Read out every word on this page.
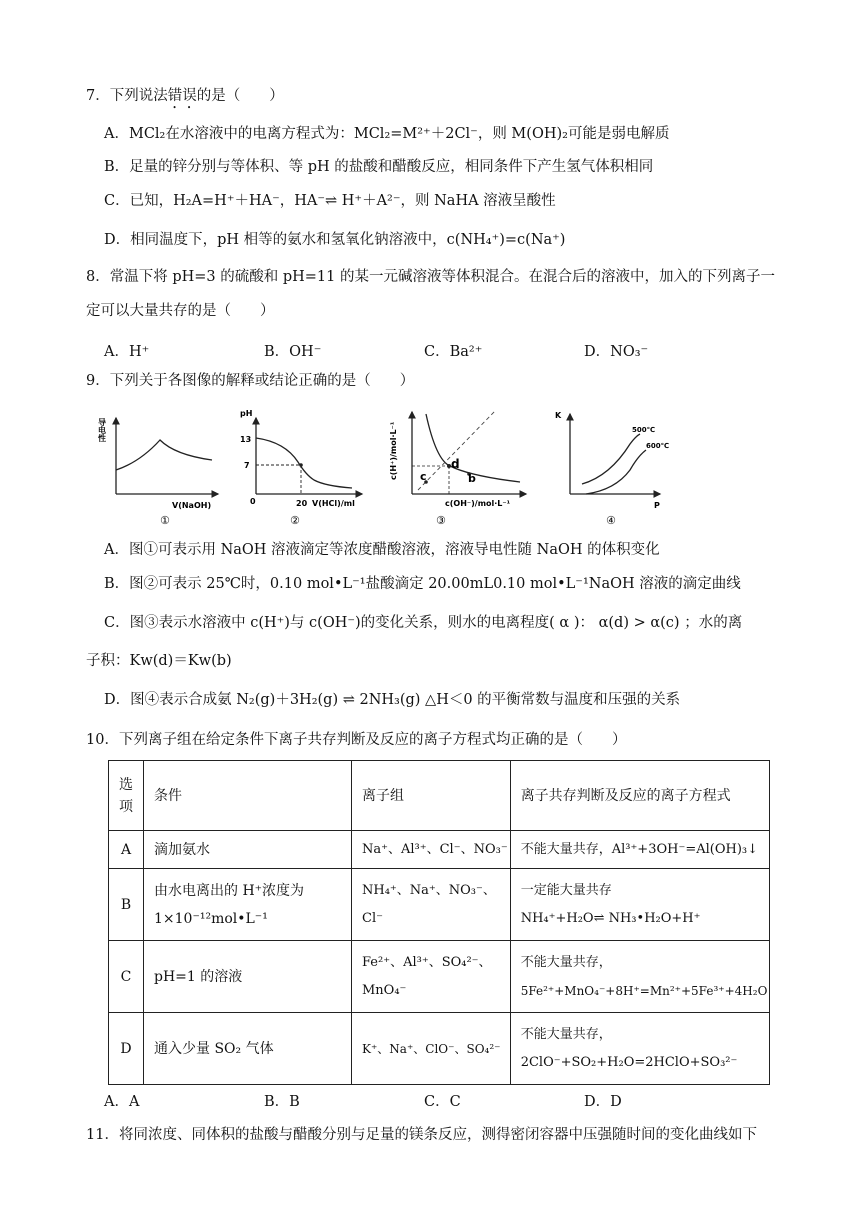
7．下列说法错误的是（　　）
A．MCl₂在水溶液中的电离方程式为：MCl₂=M²⁺＋2Cl⁻，则 M(OH)₂可能是弱电解质
B．足量的锌分别与等体积、等 pH 的盐酸和醋酸反应，相同条件下产生氢气体积相同
C．已知，H₂A=H⁺＋HA⁻，HA⁻⇌ H⁺＋A²⁻，则 NaHA 溶液呈酸性
D．相同温度下，pH 相等的氨水和氢氧化钠溶液中，c(NH₄⁺)=c(Na⁺)
8．常温下将 pH=3 的硫酸和 pH=11 的某一元碱溶液等体积混合。在混合后的溶液中，加入的下列离子一
定可以大量共存的是（　　）
A．H⁺	B．OH⁻	C．Ba²⁺	D．NO₃⁻
9．下列关于各图像的解释或结论正确的是（　　）
导电性
V(NaOH)
①
pH
13
7
0	20 V(HCl)/ml
②
c(H⁺)/mol·L⁻¹
c(OH⁻)/mol·L⁻¹
c
d
b
③
K
P
500℃
600℃
④
A．图①可表示用 NaOH 溶液滴定等浓度醋酸溶液，溶液导电性随 NaOH 的体积变化
B．图②可表示 25℃时，0.10 mol•L⁻¹盐酸滴定 20.00mL0.10 mol•L⁻¹NaOH 溶液的滴定曲线
C．图③表示水溶液中 c(H⁺)与 c(OH⁻)的变化关系，则水的电离程度( α )： α(d) > α(c) ；水的离
子积：Kw(d)＝Kw(b)
D．图④表示合成氨 N₂(g)＋3H₂(g) ⇌ 2NH₃(g) △H＜0 的平衡常数与温度和压强的关系
10．下列离子组在给定条件下离子共存判断及反应的离子方程式均正确的是（　　）
选项	条件	离子组	离子共存判断及反应的离子方程式
A	滴加氨水	Na⁺、Al³⁺、Cl⁻、NO₃⁻	不能大量共存，Al³⁺+3OH⁻=Al(OH)₃↓
B	由水电离出的 H⁺浓度为 1×10⁻¹²mol•L⁻¹	NH₄⁺、Na⁺、NO₃⁻、Cl⁻	一定能大量共存
NH₄⁺+H₂O⇌ NH₃•H₂O+H⁺

C	pH=1 的溶液	Fe²⁺、Al³⁺、SO₄²⁻、MnO₄⁻	不能大量共存，
5Fe²⁺+MnO₄⁻+8H⁺=Mn²⁺+5Fe³⁺+4H₂O

D	通入少量 SO₂ 气体	K⁺、Na⁺、ClO⁻、SO₄²⁻	不能大量共存，
2ClO⁻+SO₂+H₂O=2HClO+SO₃²⁻
A．A	B．B	C．C	D．D
11．将同浓度、同体积的盐酸与醋酸分别与足量的镁条反应，测得密闭容器中压强随时间的变化曲线如下
